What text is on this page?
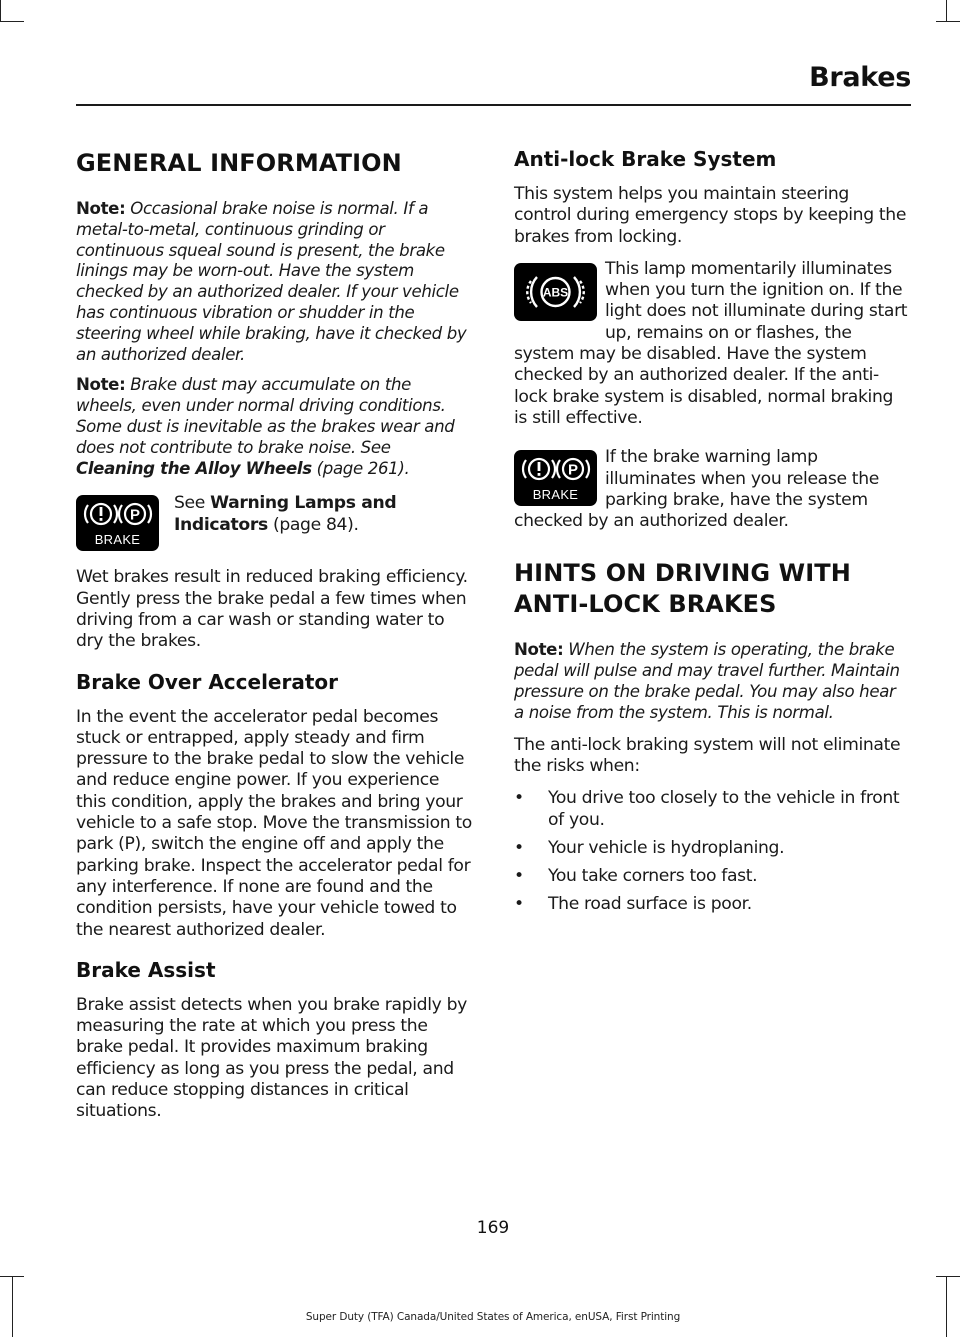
Brakes
GENERAL INFORMATION
Note: Occasional brake noise is normal. If a metal-to-metal, continuous grinding or continuous squeal sound is present, the brake linings may be worn-out. Have the system checked by an authorized dealer. If your vehicle has continuous vibration or shudder in the steering wheel while braking, have it checked by an authorized dealer.
Note: Brake dust may accumulate on the wheels, even under normal driving conditions. Some dust is inevitable as the brakes wear and does not contribute to brake noise. See Cleaning the Alloy Wheels (page 261).
P
BRAKE
See Warning Lamps and Indicators (page 84).
Wet brakes result in reduced braking efficiency. Gently press the brake pedal a few times when driving from a car wash or standing water to dry the brakes.
Brake Over Accelerator
In the event the accelerator pedal becomes stuck or entrapped, apply steady and firm pressure to the brake pedal to slow the vehicle and reduce engine power. If you experience this condition, apply the brakes and bring your vehicle to a safe stop. Move the transmission to park (P), switch the engine off and apply the parking brake. Inspect the accelerator pedal for any interference. If none are found and the condition persists, have your vehicle towed to the nearest authorized dealer.
Brake Assist
Brake assist detects when you brake rapidly by measuring the rate at which you press the brake pedal. It provides maximum braking efficiency as long as you press the pedal, and can reduce stopping distances in critical situations.
Anti-lock Brake System
This system helps you maintain steering control during emergency stops by keeping the brakes from locking.
ABS
This lamp momentarily illuminates when you turn the ignition on. If the light does not illuminate during start up, remains on or flashes, the system may be disabled. Have the system checked by an authorized dealer. If the anti-lock brake system is disabled, normal braking is still effective.
P
BRAKE
If the brake warning lamp illuminates when you release the parking brake, have the system checked by an authorized dealer.
HINTS ON DRIVING WITH
ANTI-LOCK BRAKES
Note: When the system is operating, the brake pedal will pulse and may travel further. Maintain pressure on the brake pedal. You may also hear a noise from the system. This is normal.
The anti-lock braking system will not eliminate the risks when:
• You drive too closely to the vehicle in front of you.
• Your vehicle is hydroplaning.
• You take corners too fast.
• The road surface is poor.
169
Super Duty (TFA) Canada/United States of America, enUSA, First Printing
